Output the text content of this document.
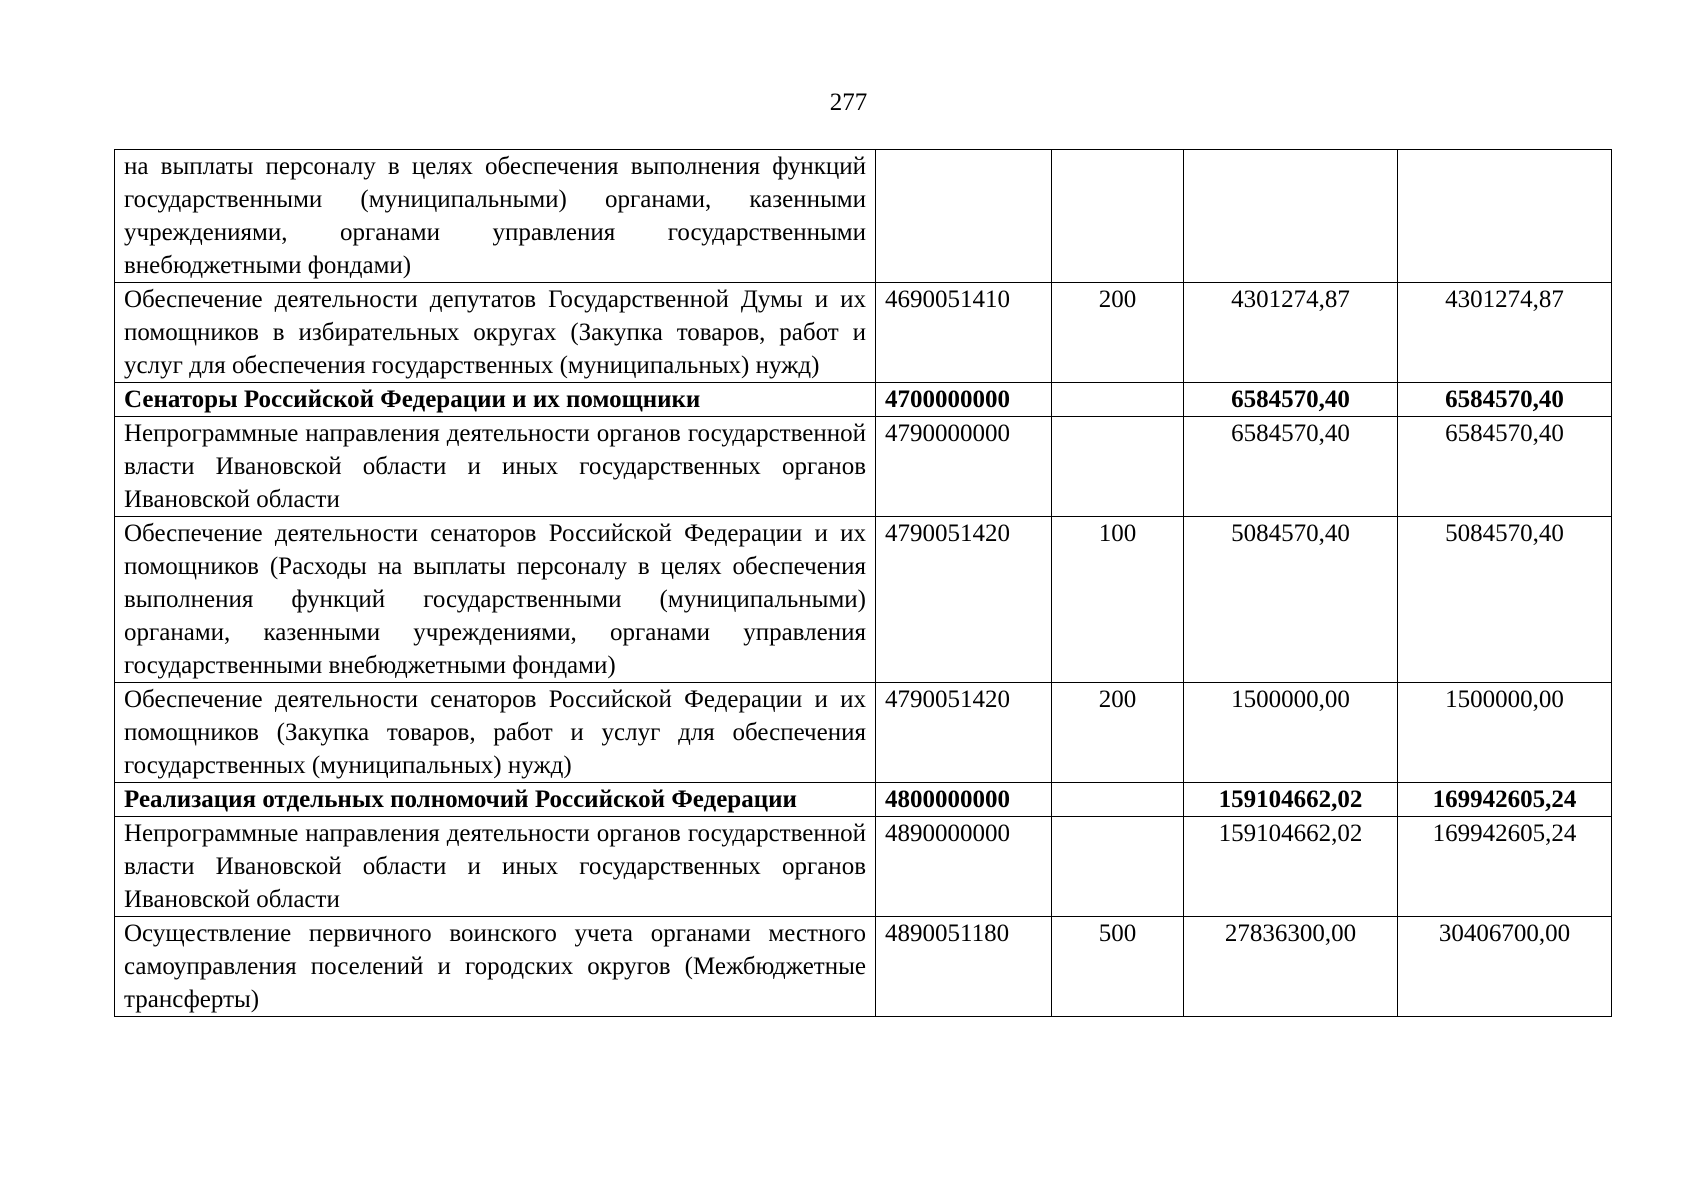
277
на выплаты персоналу в целях обеспечения выполнения функций государственными (муниципальными) органами, казенными учреждениями, органами управления государственными внебюджетными фондами)				
Обеспечение деятельности депутатов Государственной Думы и их помощников в избирательных округах (Закупка товаров, работ и услуг для обеспечения государственных (муниципальных) нужд)	4690051410	200	4301274,87	4301274,87
Сенаторы Российской Федерации и их помощники	4700000000		6584570,40	6584570,40
Непрограммные направления деятельности органов государственной власти Ивановской области и иных государственных органов Ивановской области	4790000000		6584570,40	6584570,40
Обеспечение деятельности сенаторов Российской Федерации и их помощников (Расходы на выплаты персоналу в целях обеспечения выполнения функций государственными (муниципальными) органами, казенными учреждениями, органами управления государственными внебюджетными фондами)	4790051420	100	5084570,40	5084570,40
Обеспечение деятельности сенаторов Российской Федерации и их помощников (Закупка товаров, работ и услуг для обеспечения государственных (муниципальных) нужд)	4790051420	200	1500000,00	1500000,00
Реализация отдельных полномочий Российской Федерации	4800000000		159104662,02	169942605,24
Непрограммные направления деятельности органов государственной власти Ивановской области и иных государственных органов Ивановской области	4890000000		159104662,02	169942605,24
Осуществление первичного воинского учета органами местного самоуправления поселений и городских округов (Межбюджетные трансферты)	4890051180	500	27836300,00	30406700,00
